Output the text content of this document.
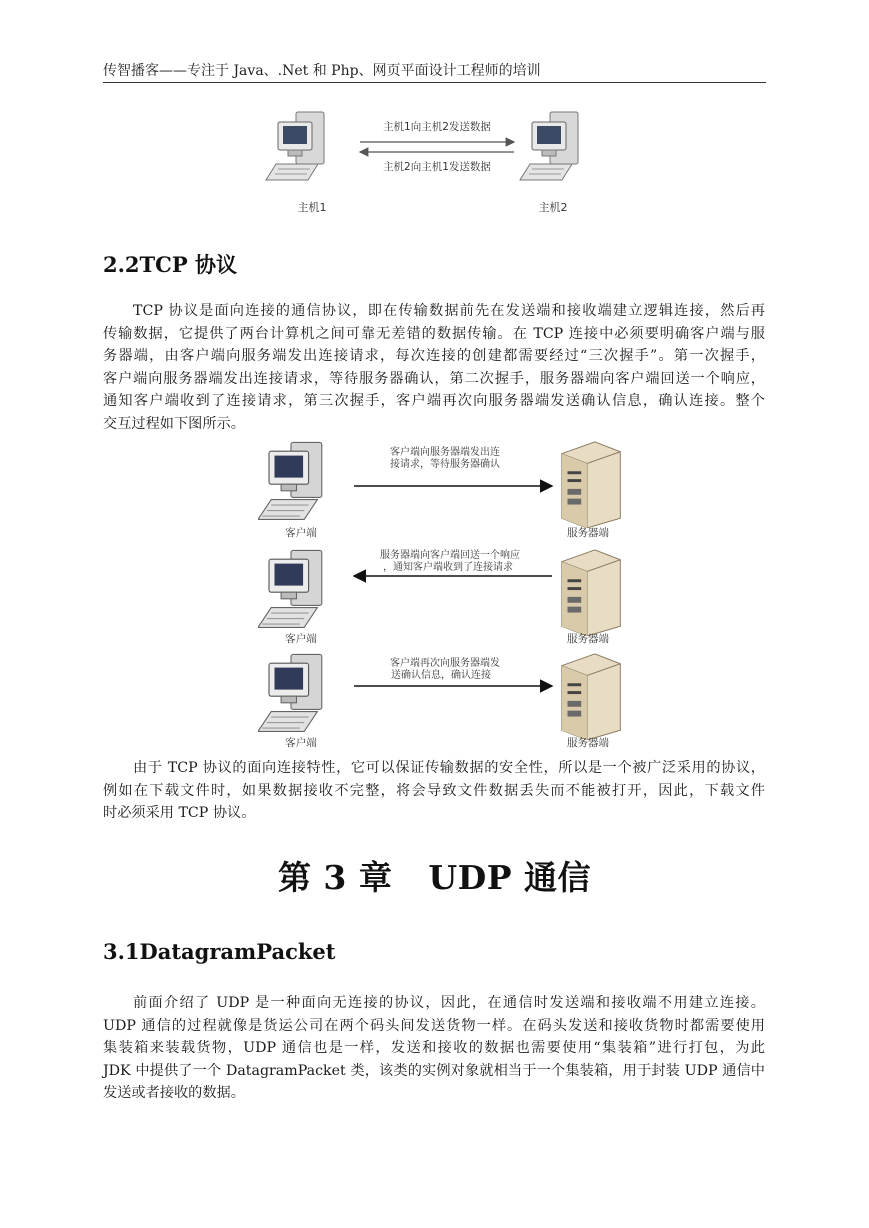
传智播客——专注于 Java、.Net 和 Php、网页平面设计工程师的培训
主机1向主机2发送数据
主机2向主机1发送数据
主机1	主机2
2.2TCP 协议
TCP 协议是面向连接的通信协议，即在传输数据前先在发送端和接收端建立逻辑连接，然后再
传输数据，它提供了两台计算机之间可靠无差错的数据传输。在 TCP 连接中必须要明确客户端与服
务器端，由客户端向服务端发出连接请求，每次连接的创建都需要经过“三次握手”。第一次握手，
客户端向服务器端发出连接请求，等待服务器确认，第二次握手，服务器端向客户端回送一个响应，
通知客户端收到了连接请求，第三次握手，客户端再次向服务器端发送确认信息，确认连接。整个
交互过程如下图所示。
客户端向服务器端发出连
接请求，等待服务器确认
客户端	服务器端
服务器端向客户端回送一个响应
，通知客户端收到了连接请求
客户端	服务器端
客户端再次向服务器端发
送确认信息，确认连接
客户端	服务器端
由于 TCP 协议的面向连接特性，它可以保证传输数据的安全性，所以是一个被广泛采用的协议，
例如在下载文件时，如果数据接收不完整，将会导致文件数据丢失而不能被打开，因此，下载文件
时必须采用 TCP 协议。
第 3 章   UDP 通信
3.1DatagramPacket
前面介绍了 UDP 是一种面向无连接的协议，因此，在通信时发送端和接收端不用建立连接。
UDP 通信的过程就像是货运公司在两个码头间发送货物一样。在码头发送和接收货物时都需要使用
集装箱来装载货物，UDP 通信也是一样，发送和接收的数据也需要使用“集装箱”进行打包，为此
JDK 中提供了一个 DatagramPacket 类，该类的实例对象就相当于一个集装箱，用于封装 UDP 通信中
发送或者接收的数据。
